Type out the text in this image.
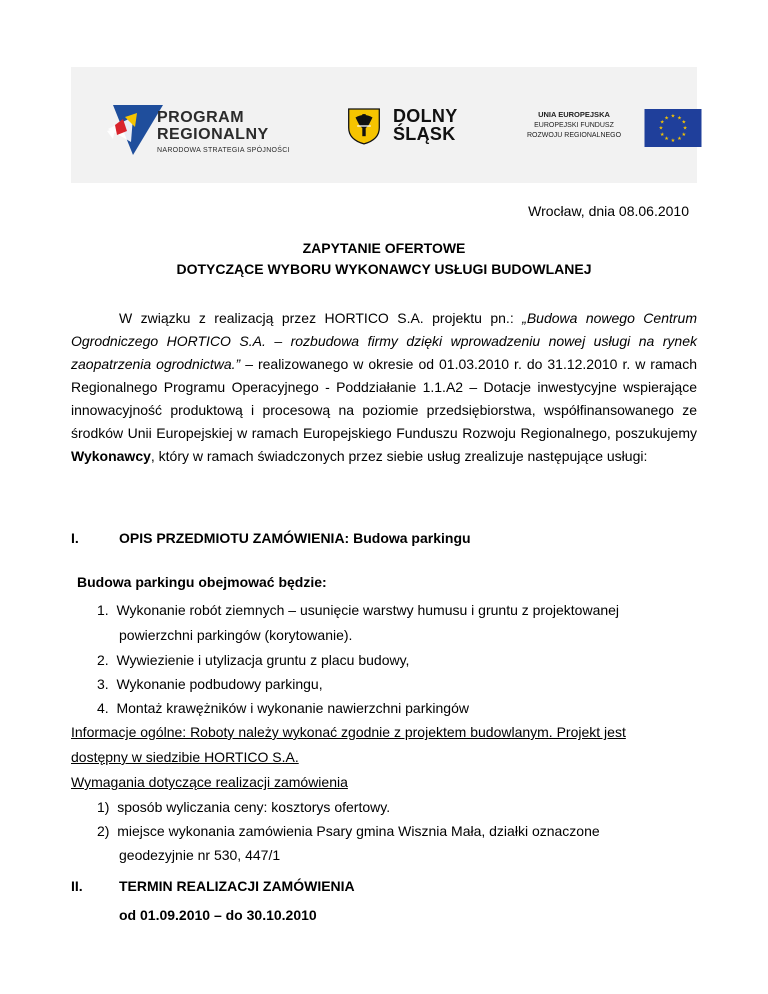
PROGRAM
REGIONALNY
NARODOWA STRATEGIA SPÓJNOŚCI
DOLNY
ŚLĄSK
UNIA EUROPEJSKA
EUROPEJSKI FUNDUSZ
ROZWOJU REGIONALNEGO
★ ★
★
★
★
★
★
★
★
★
★
★
Wrocław, dnia 08.06.2010
ZAPYTANIE OFERTOWE
DOTYCZĄCE WYBORU WYKONAWCY USŁUGI BUDOWLANEJ
W związku z realizacją przez HORTICO S.A. projektu pn.: „Budowa nowego Centrum Ogrodniczego HORTICO S.A. – rozbudowa firmy dzięki wprowadzeniu nowej usługi na rynek zaopatrzenia ogrodnictwa.” – realizowanego w okresie od 01.03.2010 r. do 31.12.2010 r. w ramach Regionalnego Programu Operacyjnego - Poddziałanie 1.1.A2 – Dotacje inwestycyjne wspierające innowacyjność produktową i procesową na poziomie przedsiębiorstwa, współfinansowanego ze środków Unii Europejskiej w ramach Europejskiego Funduszu Rozwoju Regionalnego, poszukujemy Wykonawcy, który w ramach świadczonych przez siebie usług zrealizuje następujące usługi:
I.	OPIS PRZEDMIOTU ZAMÓWIENIA: Budowa parkingu
Budowa parkingu obejmować będzie:
1. Wykonanie robót ziemnych – usunięcie warstwy humusu i gruntu z projektowanej
powierzchni parkingów (korytowanie).
2. Wywiezienie i utylizacja gruntu z placu budowy,
3. Wykonanie podbudowy parkingu,
4. Montaż krawężników i wykonanie nawierzchni parkingów
Informacje ogólne: Roboty należy wykonać zgodnie z projektem budowlanym. Projekt jest
dostępny w siedzibie HORTICO S.A.
Wymagania dotyczące realizacji zamówienia
1) sposób wyliczania ceny: kosztorys ofertowy.
2) miejsce wykonania zamówienia Psary gmina Wisznia Mała, działki oznaczone
geodezyjnie nr 530, 447/1
II.	TERMIN REALIZACJI ZAMÓWIENIA
od 01.09.2010 – do 30.10.2010
